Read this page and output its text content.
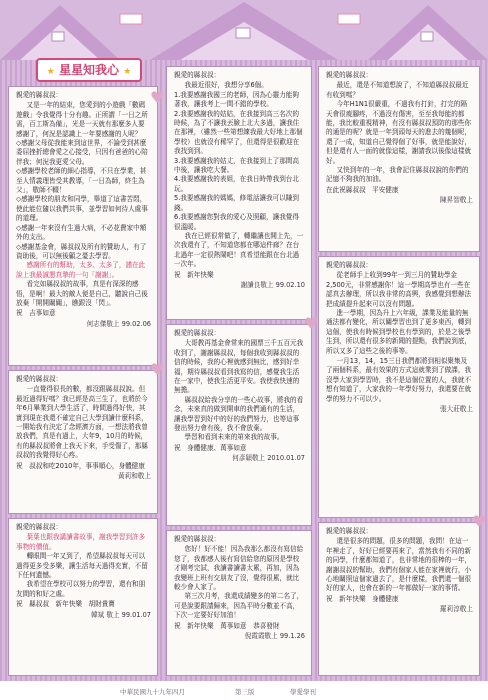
親愛的縣叔叔：

又是一年的結束，您愛到的小遊戲「數碼遊戲」令我覺得十分有趣。正所謂「一日之所需，百工斯為備」，光是一天就有那麼多人要感謝了，何況是認識上一年要感謝的人呢？

◇感謝父母從我能來到這世界，不論受到甚麼委屈挫折總會愛之心接受，只因有爸爸的心陪伴我；何況我更愛父母。

◇感謝學校老師的細心指導，不只在學業，甚至人情義理皆受其教導，「一日為師，終生為父」，敬師不輟！

◇感謝學校的朋友和同學，舉道了這書苦悶，使此能位隨以我們共事，並學習如何待人處事的道理。

◇感謝一年來沒有生過大病，不必花費家中額外的支出。

◇感謝基金會，縣叔叔及所有的贊助人，有了資助後，可以無後顧之憂去學習。

感謝所有的幫助，太多、太多了，謹在此說上我最誠懇真摯的一句「謝謝」。

看完如縣叔叔的故事，真是有深深的感悟，是啊！最大的敵人便是自己，聽說自己後放棄「開開關關」，瞧跟沒「閃」。

祝　吉事如意

何志傑敬上 99.02.06

親愛的縣叔叔：

一直覺得很長的數，都沒跟縣叔叔說。但最近過得好嗎？我已經是高三生了，也將於今年6月畢業到大學生活了，時間過得好快，其實到現在我還不確定自己大學到讀什麼科系，一開始我有決定了念經濟方面，一想法將我曾放我們，真是有過上，大年9，10月的時候，有的縣叔叔將會上我天下來，手受傷了，那縣叔叔的我覺得好心疼。

祝　叔叔和吃2010年，事事順心，身體健康

黃莉和敬上

親愛的縣叔叔：

葉葉也跟我講讀書故事，謝我學習到許多事物的價值。

轉眼間一年又到了，希望縣叔叔每天可以過得更多受多樂，讓生活每天過得充實，不留下任何遺憾。

我希望在學校可以努力的學習，還有和朋友間的和好之處。

祝　縣叔叔　新年快樂　胡財貴寶

韓斌 敬上 99.01.07

親愛的縣叔叔：

我最近很好，我想分享6個。

1.我要感謝我國三的老師，因為心靈力能夠著我，讓我考上一間不錯的學校。

2.我要感謝我的姑姑，在我接到高三名次的時候，為了不讓我丟臉上北大多過，讓我住在那裡，（雖然一些第想練我最大好地上那個學校）也就沒有稀罕了，但還得是很歡迎在我找到到。

3.我要感謝我的姑丈，在我接到上了那間高中後，讓我吃大餐。

4.我要感謝我的表姐，在我日時帶我到台北玩。

5.我要感謝我的媽媽，修電話讓我可以賺到錢。

6.我要感謝您對我的愛心及照顧，讓我覺得很溫暖。

我在已經很常做了，轉繼讓也開上先，一次我還有了，不知道您都在哪這件廊？在台北過年一定很熱鬧吧！真希望能跟在台北過一次年。

祝　新年快樂

謝讀良敬上 99.02.10

親愛的縣叔叔：

大哥教再基金會常來的國票三千五百元我收到了，謝謝縣叔叔，每個我收到縣叔叔的信的時候，我的心裡就感到無比，感到好幸福，期待縣叔叔看到我寫的信，感覺我生活在一家中，使我生活更平安。我使我快速的無擔。

縣叔叔給我分享的一些心故事，將我的看念，未來真的做到開車的我們通有的生活，讓我學習到好中的好的我們努力，也等這事發出努力會有後，我不會放棄。

學習和看到未來的第來我的故事。

祝　身體健康、萬事如意

何彥穎敬上 2010.01.07

親愛的縣叔叔：

您好！好不能！因為我那么都沒有寫信給您了，我都感人後有寫信給您的原因是學校才剛考完試，我讀書讀書太累，再加，因為我變班上班有交朋友了沒，覺得很累，就比較少會人家了。

第三次月考，我還成績變多的第二名了，可是說要跟請歸來，因為平時分數並不高，下次一定要好好加油！

祝　新年快樂　萬事如意　恭喜發財

倪霞霞敬上 99.1.26

親愛的縣叔叔：

最近，還是不知道想說了，不知道縣叔叔最近有收到嗎？

今年H1N1很嚴重，不過我有打針，打完的隔天會很痠腳疼，不過沒有傷害，至至我每能的都能，我比較重視精神，有沒有縣叔叔預防的那些你的通是的呢？就是一年到頭每天的進去的幾個呢，還了一成，知道自己覺得個了好事，就是能說好，但是還有人一面的就像這樣，謝請我以後像這樣就好。

又快到年的一年，我會記住縣叔叔說的你們的記憶不夠我的加油。

在此祝縣叔叔　平安健康

陳昇智敬上

親愛的縣叔叔：

從老師手上收到99年一到三月的贊助學金2,500元，非常感謝你！這一學期高學也有一些在認真去辦理，所以我非常的高興，我感覺到想辦法把成績提升起來可以沒有問題。

進一學期，因為升上六年級，課業及能量的無通法都有變化，所以關學習也到了更多東西，轉到這個，使我有時候到學校也有學到的，於是之後學生到，所以還有很多的新聞的提點，我們說到底，所以又多了這些之後的事等。

一月13，14，15三日我們都將到相似聚集及了兩個科系，最有效果的方式這就業到了做課，我沒學大家到學習時，我不是這個位置的人，我就不想有知道了，大家我的一年學好努力，我還要在就學的努力不可以少。

張大莊敬上

親愛的縣叔叔：

還是很多的問題，很多的問題，我問！在這一年裡走了，好好已經要再來了，當然我有不同的新的同學，什麼都知道了，也非常地的很棒的一年，謝謝叔叔的幫助，我們有個家人能在家裡就行，小心地關照這個家過去了，是什麼樣，我們還一個很好的家人，也會在新的一年都做好一家的事情。

祝　新年快樂　身體健康

羅莉淳敬上

★ 星星知我心 ★
♥
♥
♥
♥
中華民國九十九年四月	第三版	學愛學刊
